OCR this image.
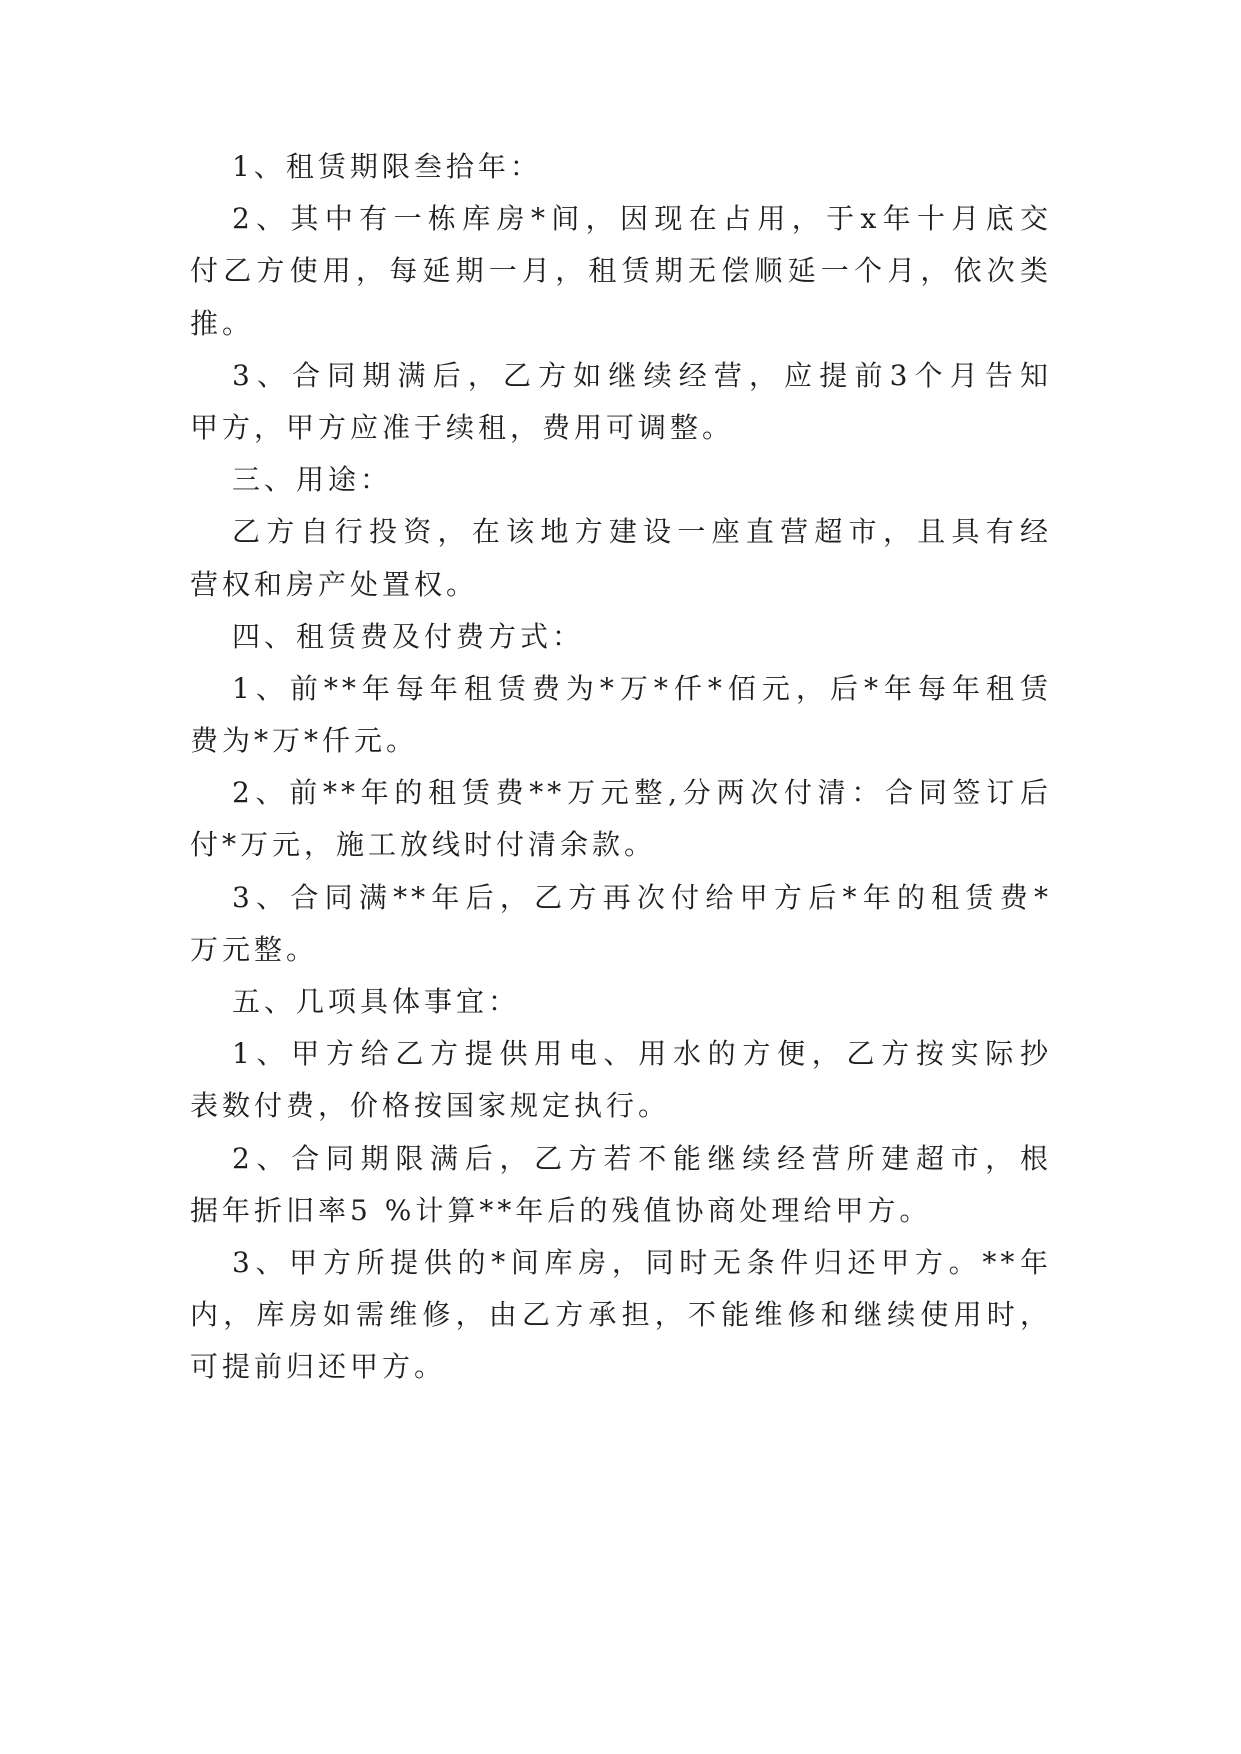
1、租赁期限叁拾年：
2、其中有一栋库房*间，因现在占用，于x年十月底交
付乙方使用，每延期一月，租赁期无偿顺延一个月，依次类
推。
3、合同期满后，乙方如继续经营，应提前3个月告知
甲方，甲方应准于续租，费用可调整。
三、用途：
乙方自行投资，在该地方建设一座直营超市，且具有经
营权和房产处置权。
四、租赁费及付费方式：
1、前**年每年租赁费为*万*仟*佰元，后*年每年租赁
费为*万*仟元。
2、前**年的租赁费**万元整,分两次付清：合同签订后
付*万元，施工放线时付清余款。
3、合同满**年后，乙方再次付给甲方后*年的租赁费*
万元整。
五、几项具体事宜：
1、甲方给乙方提供用电、用水的方便，乙方按实际抄
表数付费，价格按国家规定执行。
2、合同期限满后，乙方若不能继续经营所建超市，根
据年折旧率5 %计算**年后的残值协商处理给甲方。
3、甲方所提供的*间库房，同时无条件归还甲方。**年
内，库房如需维修，由乙方承担，不能维修和继续使用时，
可提前归还甲方。
